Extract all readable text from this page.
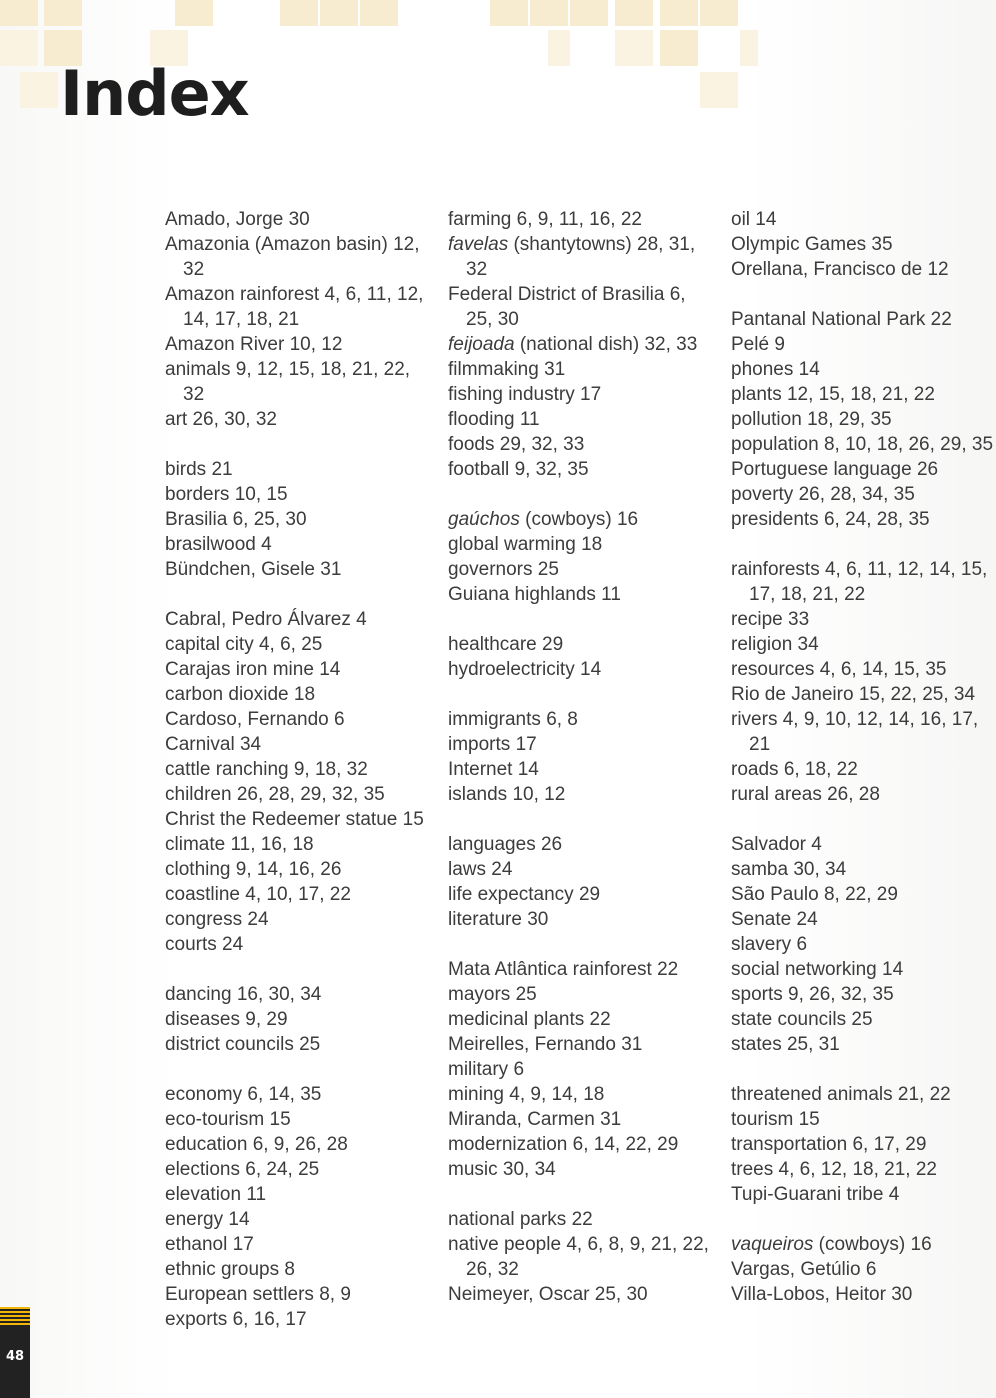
Index
Amado, Jorge 30
Amazonia (Amazon basin) 12, 32
Amazon rainforest 4, 6, 11, 12, 14, 17, 18, 21
Amazon River 10, 12
animals 9, 12, 15, 18, 21, 22, 32
art 26, 30, 32
birds 21
borders 10, 15
Brasilia 6, 25, 30
brasilwood 4
Bündchen, Gisele 31
Cabral, Pedro Álvarez 4
capital city 4, 6, 25
Carajas iron mine 14
carbon dioxide 18
Cardoso, Fernando 6
Carnival 34
cattle ranching 9, 18, 32
children 26, 28, 29, 32, 35
Christ the Redeemer statue 15
climate 11, 16, 18
clothing 9, 14, 16, 26
coastline 4, 10, 17, 22
congress 24
courts 24
dancing 16, 30, 34
diseases 9, 29
district councils 25
economy 6, 14, 35
eco-tourism 15
education 6, 9, 26, 28
elections 6, 24, 25
elevation 11
energy 14
ethanol 17
ethnic groups 8
European settlers 8, 9
exports 6, 16, 17
farming 6, 9, 11, 16, 22
favelas (shantytowns) 28, 31, 32
Federal District of Brasilia 6, 25, 30
feijoada (national dish) 32, 33
filmmaking 31
fishing industry 17
flooding 11
foods 29, 32, 33
football 9, 32, 35
gaúchos (cowboys) 16
global warming 18
governors 25
Guiana highlands 11
healthcare 29
hydroelectricity 14
immigrants 6, 8
imports 17
Internet 14
islands 10, 12
languages 26
laws 24
life expectancy 29
literature 30
Mata Atlântica rainforest 22
mayors 25
medicinal plants 22
Meirelles, Fernando 31
military 6
mining 4, 9, 14, 18
Miranda, Carmen 31
modernization 6, 14, 22, 29
music 30, 34
national parks 22
native people 4, 6, 8, 9, 21, 22, 26, 32
Neimeyer, Oscar 25, 30
oil 14
Olympic Games 35
Orellana, Francisco de 12
Pantanal National Park 22
Pelé 9
phones 14
plants 12, 15, 18, 21, 22
pollution 18, 29, 35
population 8, 10, 18, 26, 29, 35
Portuguese language 26
poverty 26, 28, 34, 35
presidents 6, 24, 28, 35
rainforests 4, 6, 11, 12, 14, 15, 17, 18, 21, 22
recipe 33
religion 34
resources 4, 6, 14, 15, 35
Rio de Janeiro 15, 22, 25, 34
rivers 4, 9, 10, 12, 14, 16, 17, 21
roads 6, 18, 22
rural areas 26, 28
Salvador 4
samba 30, 34
São Paulo 8, 22, 29
Senate 24
slavery 6
social networking 14
sports 9, 26, 32, 35
state councils 25
states 25, 31
threatened animals 21, 22
tourism 15
transportation 6, 17, 29
trees 4, 6, 12, 18, 21, 22
Tupi-Guarani tribe 4
vaqueiros (cowboys) 16
Vargas, Getúlio 6
Villa-Lobos, Heitor 30
48
